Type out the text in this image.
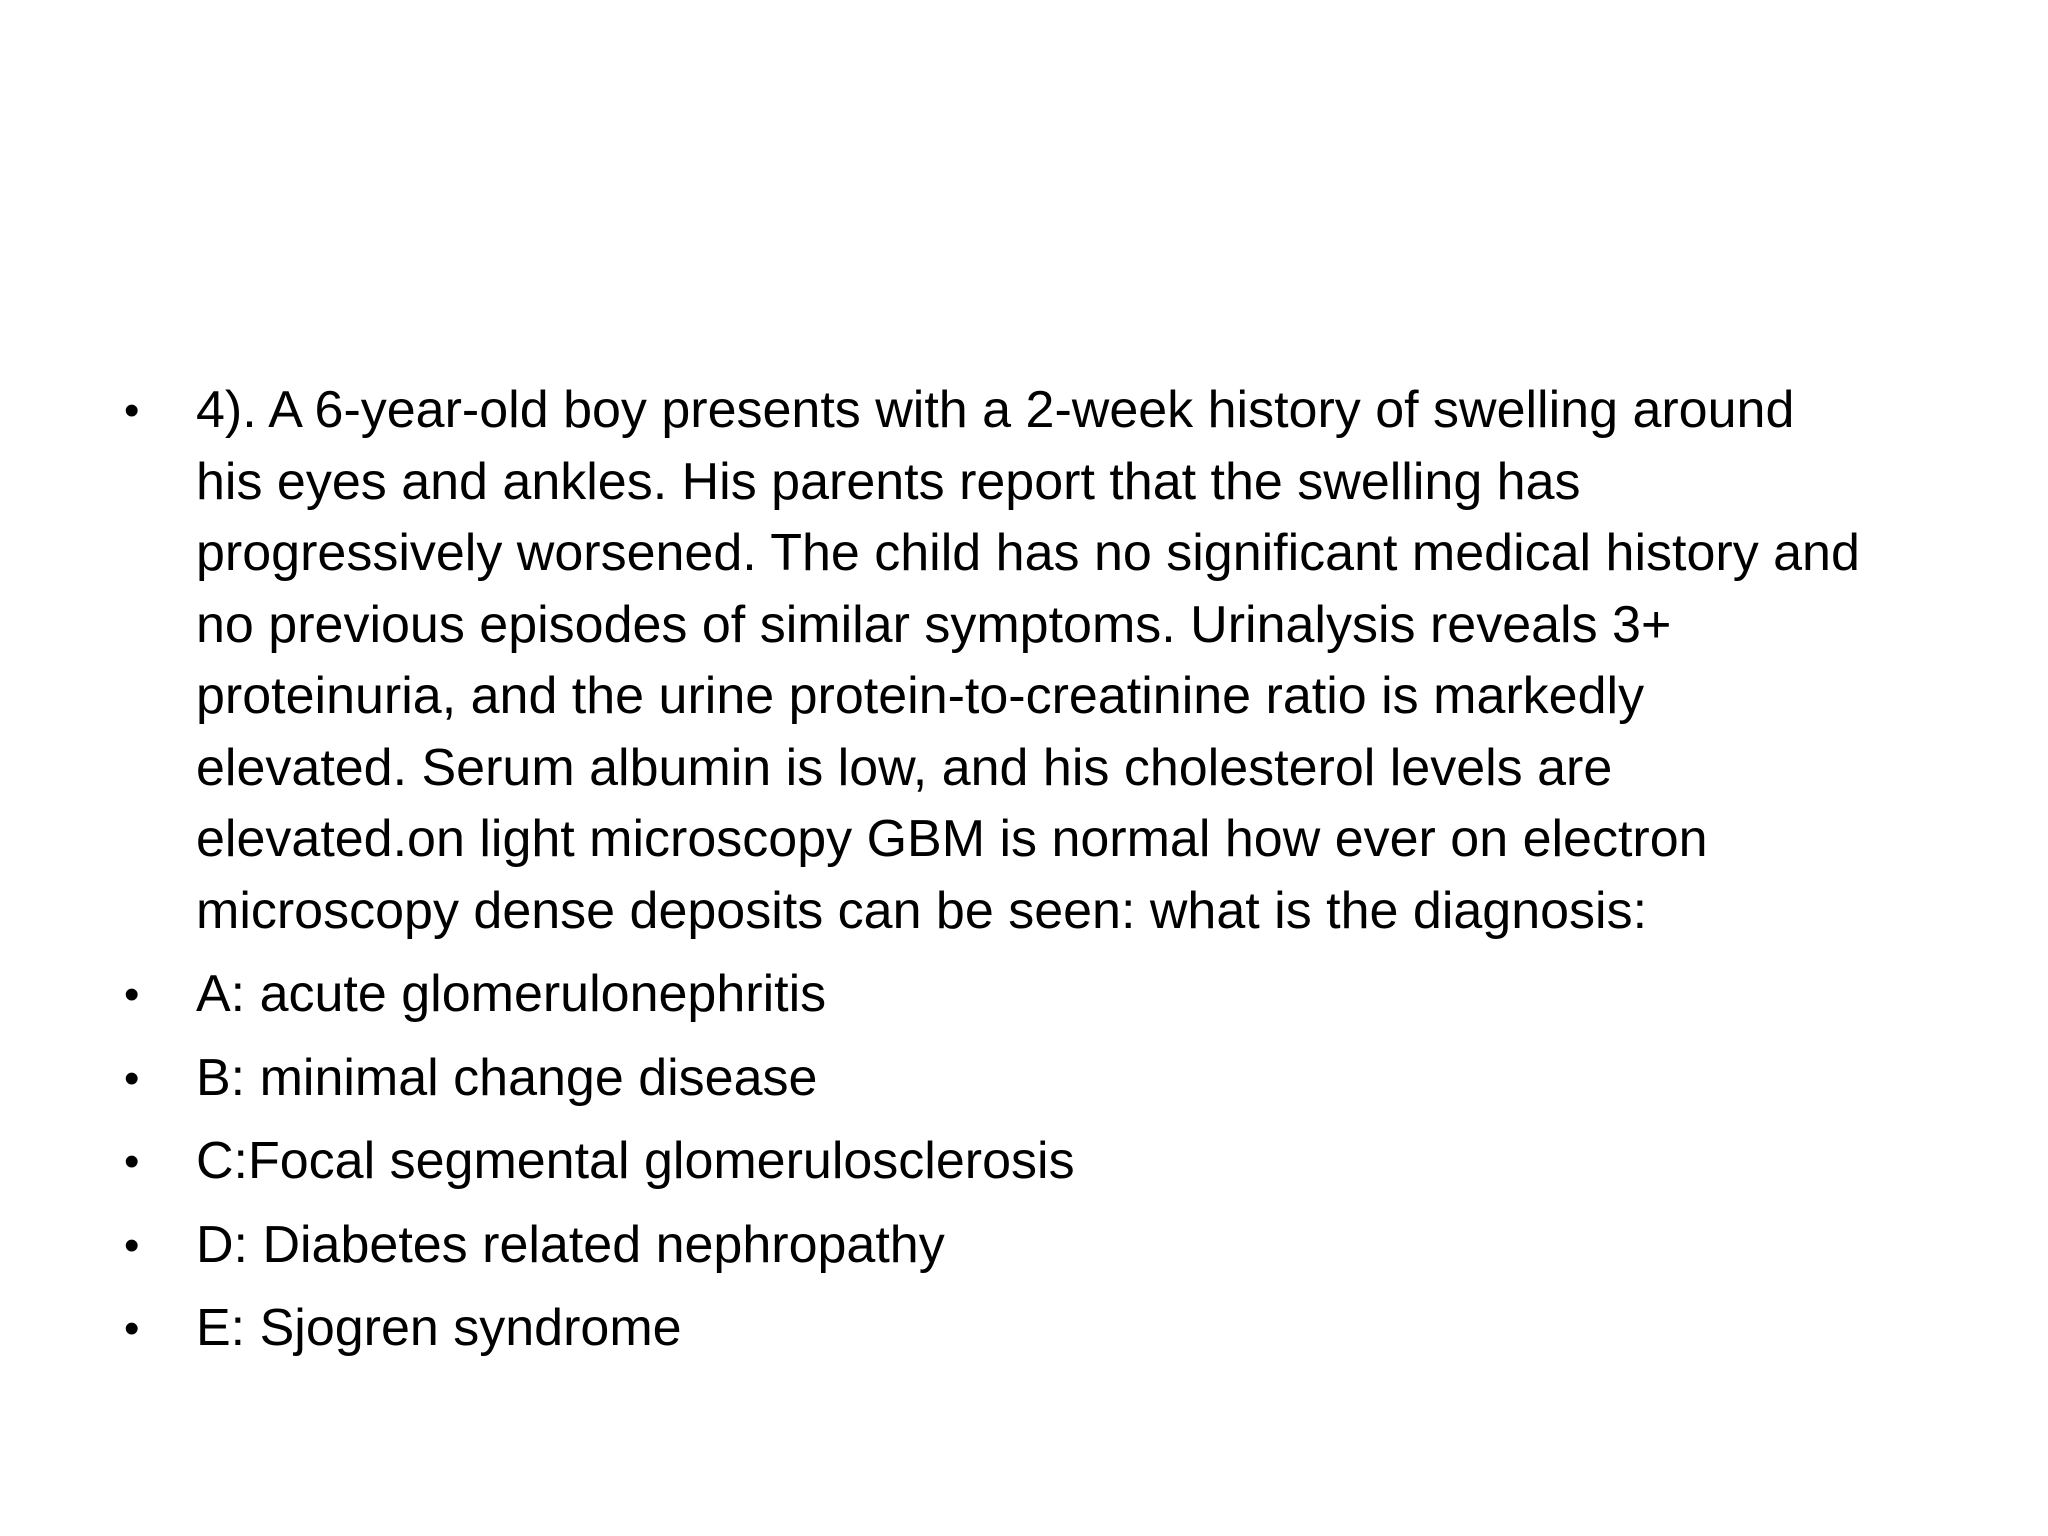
• 4). A 6-year-old boy presents with a 2-week history of swelling around
his eyes and ankles. His parents report that the swelling has
progressively worsened. The child has no significant medical history and
no previous episodes of similar symptoms. Urinalysis reveals 3+
proteinuria, and the urine protein-to-creatinine ratio is markedly
elevated. Serum albumin is low, and his cholesterol levels are
elevated.on light microscopy GBM is normal how ever on electron
microscopy dense deposits can be seen: what is the diagnosis:
• A: acute glomerulonephritis
• B: minimal change disease
• C:Focal segmental glomerulosclerosis
• D: Diabetes related nephropathy
• E: Sjogren syndrome
